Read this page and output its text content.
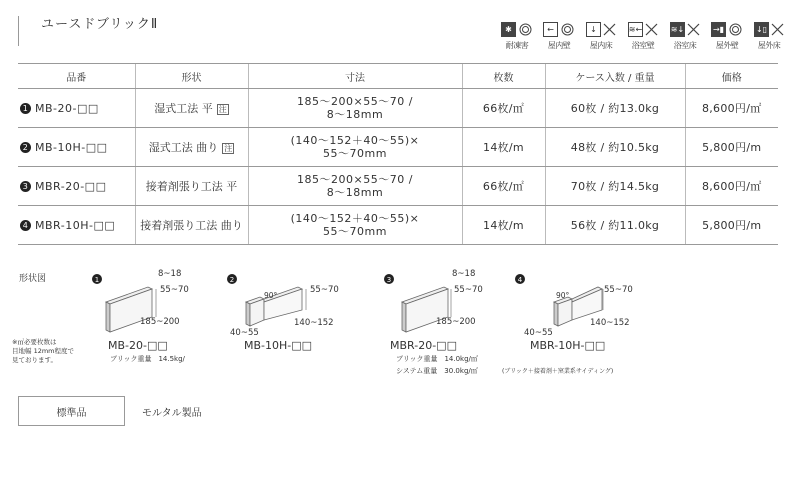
ユースドブリックⅡ	✱
耐凍害
←
屋内壁
↓
屋内床
≋←
浴室壁
≋↓
浴室床
→▮
屋外壁
↓▯
屋外床
品番	形状	寸法	枚数	ケース入数 / 重量	価格
1 MB-20-□□	湿式工法 平 注	185～200×55～70 /
8～18mm	66枚/㎡	60枚 / 約13.0kg	8,600円/㎡
2 MB-10H-□□	湿式工法 曲り 注	(140～152＋40～55)×
55～70mm	14枚/m	48枚 / 約10.5kg	5,800円/m
3 MBR-20-□□	接着剤張り工法 平	185～200×55～70 /
8～18mm	66枚/㎡	70枚 / 約14.5kg	8,600円/㎡
4 MBR-10H-□□	接着剤張り工法 曲り	(140～152＋40～55)×
55～70mm	14枚/m	56枚 / 約11.0kg	5,800円/m
形状図
※㎡必要枚数は
目地幅 12mm程度で
見ております。
1
8~18
55~70
185~200
MB-20-□□
ブリック重量　14.5kg/
2
90°
55~70
40~55
140~152
MB-10H-□□
3
8~18
55~70
185~200
MBR-20-□□
ブリック重量　14.0kg/㎡
システム重量　30.0kg/㎡	(ブリック＋接着剤＋窯業系サイディング)
4
90°
55~70
40~55
140~152
MBR-10H-□□
標準品	モルタル製品
